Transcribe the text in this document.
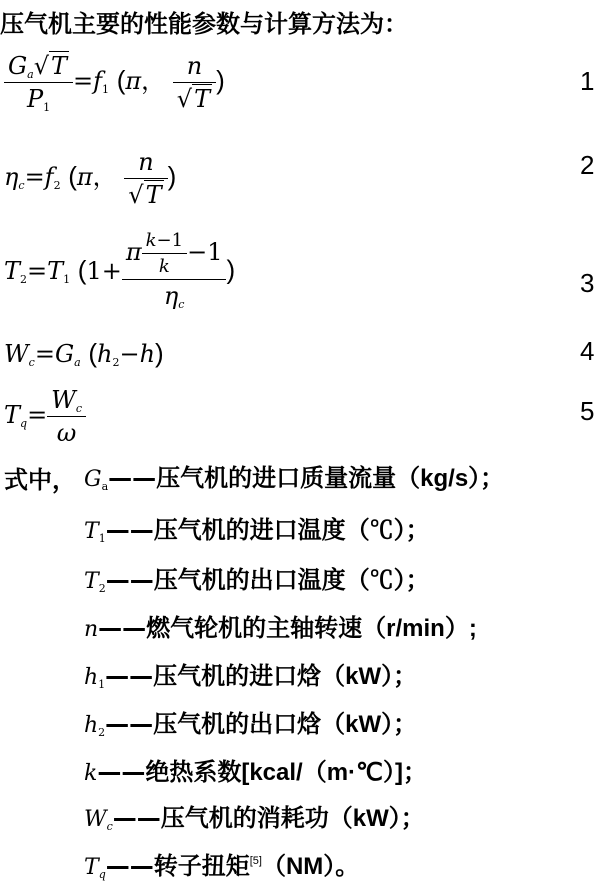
压气机主要的性能参数与计算方法为：
$\frac{Ga√T}{P1} =f1$ (π， $\frac{n}{√T}$ )	1
ηc=f2 (π， $\frac{n}{√T}$ )	2
T2=T1 ($1+ \frac{\pi \frac{k-1}{k} -1}{\eta c}$ )	3
Wc=Ga (h2−h)	4
$Tq= \frac{Wc}{\omega}$	5
式中， Ga——压气机的进口质量流量（kg/s）；
T1——压气机的进口温度（℃）；
T2——压气机的出口温度（℃）；
n——燃气轮机的主轴转速（r/min）;
h1——压气机的进口焓（kW）；
h2——压气机的出口焓（kW）；
k——绝热系数[kcal/（m·℃）]；
Wc——压气机的消耗功（kW）；
Tq——转子扭矩[5]（NM）。
